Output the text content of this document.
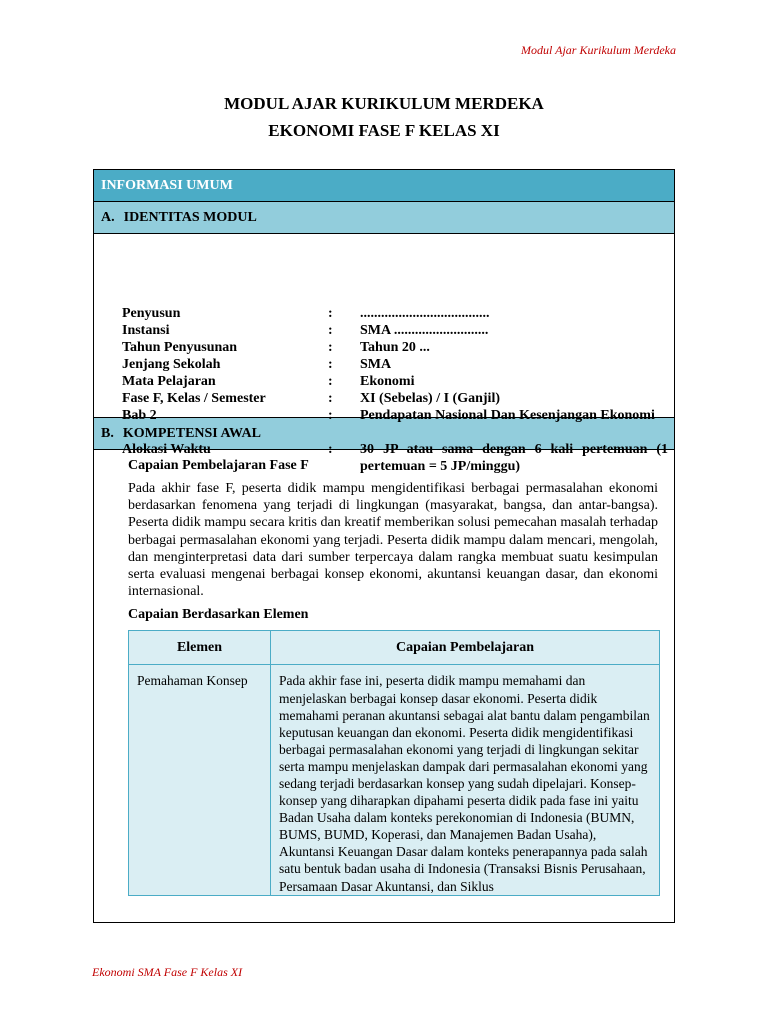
Modul Ajar Kurikulum Merdeka
MODUL AJAR KURIKULUM MERDEKA
EKONOMI FASE F KELAS XI
INFORMASI UMUM
A. IDENTITAS MODUL
Penyusun	: .....................................
Instansi	: SMA ...........................
Tahun Penyusunan	: Tahun 20 ...
Jenjang Sekolah	: SMA
Mata Pelajaran	: Ekonomi
Fase F, Kelas / Semester	: XI (Sebelas) / I (Ganjil)
Bab 2	: Pendapatan Nasional Dan Kesenjangan Ekonomi
Alokasi Waktu	: 30 JP atau sama dengan 6 kali pertemuan (1 pertemuan = 5 JP/minggu)
B. KOMPETENSI AWAL
Capaian Pembelajaran Fase F

Pada akhir fase F, peserta didik mampu mengidentifikasi berbagai permasalahan ekonomi berdasarkan fenomena yang terjadi di lingkungan (masyarakat, bangsa, dan antar-bangsa). Peserta didik mampu secara kritis dan kreatif memberikan solusi pemecahan masalah terhadap berbagai permasalahan ekonomi yang terjadi. Peserta didik mampu dalam mencari, mengolah, dan menginterpretasi data dari sumber terpercaya dalam rangka membuat suatu kesimpulan serta evaluasi mengenai berbagai konsep ekonomi, akuntansi keuangan dasar, dan ekonomi internasional.

Capaian Berdasarkan Elemen
Elemen	Capaian Pembelajaran
Pemahaman Konsep	Pada akhir fase ini, peserta didik mampu memahami dan menjelaskan berbagai konsep dasar ekonomi. Peserta didik memahami peranan akuntansi sebagai alat bantu dalam pengambilan keputusan keuangan dan ekonomi. Peserta didik mengidentifikasi berbagai permasalahan ekonomi yang terjadi di lingkungan sekitar serta mampu menjelaskan dampak dari permasalahan ekonomi yang sedang terjadi berdasarkan konsep yang sudah dipelajari. Konsep-konsep yang diharapkan dipahami peserta didik pada fase ini yaitu Badan Usaha dalam konteks perekonomian di Indonesia (BUMN, BUMS, BUMD, Koperasi, dan Manajemen Badan Usaha), Akuntansi Keuangan Dasar dalam konteks penerapannya pada salah satu bentuk badan usaha di Indonesia (Transaksi Bisnis Perusahaan, Persamaan Dasar Akuntansi, dan Siklus
Ekonomi SMA Fase F Kelas XI
